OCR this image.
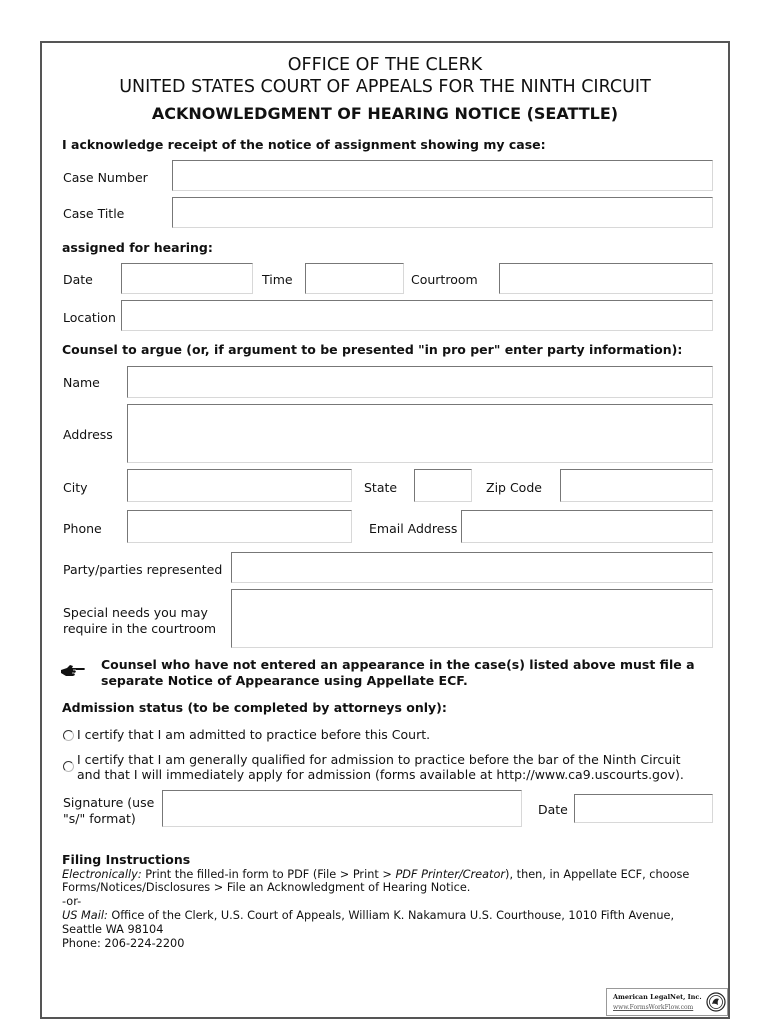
OFFICE OF THE CLERK
UNITED STATES COURT OF APPEALS FOR THE NINTH CIRCUIT
ACKNOWLEDGMENT OF HEARING NOTICE (SEATTLE)
I acknowledge receipt of the notice of assignment showing my case:
Case Number
Case Title
assigned for hearing:
Date	Time	Courtroom
Location
Counsel to argue (or, if argument to be presented "in pro per" enter party information):
Name
Address
City	State	Zip Code
Phone	Email Address
Party/parties represented
Special needs you may
require in the courtroom
Counsel who have not entered an appearance in the case(s) listed above must file a
separate Notice of Appearance using Appellate ECF.
Admission status (to be completed by attorneys only):
I certify that I am admitted to practice before this Court.
I certify that I am generally qualified for admission to practice before the bar of the Ninth Circuit
and that I will immediately apply for admission (forms available at http://www.ca9.uscourts.gov).
Signature (use
"s/" format)
Date
Filing Instructions
Electronically: Print the filled-in form to PDF (File > Print > PDF Printer/Creator), then, in Appellate ECF, choose
Forms/Notices/Disclosures > File an Acknowledgment of Hearing Notice.
-or-
US Mail: Office of the Clerk, U.S. Court of Appeals, William K. Nakamura U.S. Courthouse, 1010 Fifth Avenue,
Seattle WA 98104
Phone: 206-224-2200
American LegalNet, Inc.
www.FormsWorkFlow.com
